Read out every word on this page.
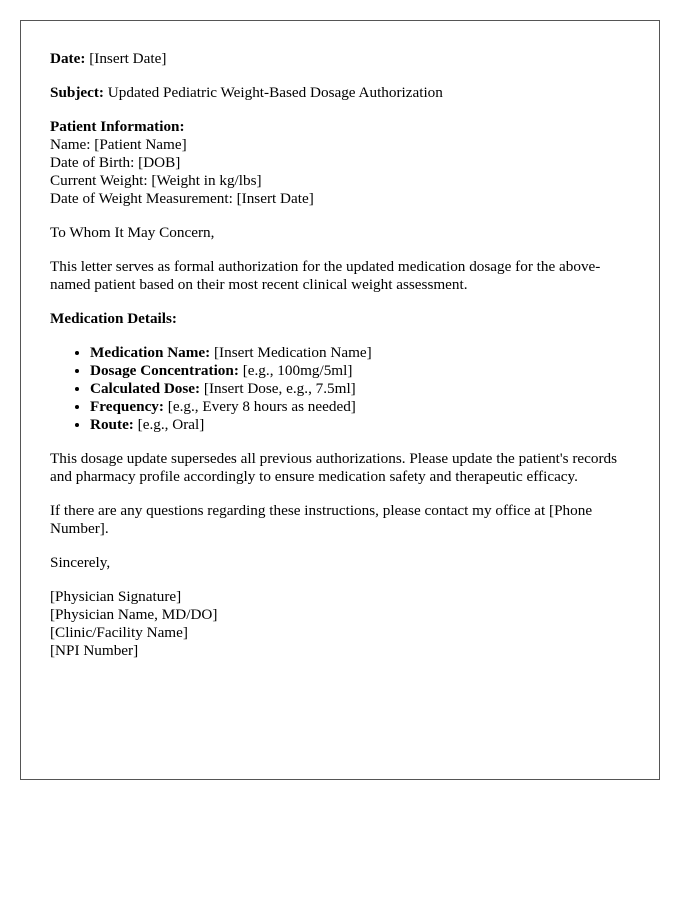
Date: [Insert Date]

Subject: Updated Pediatric Weight-Based Dosage Authorization

Patient Information:
Name: [Patient Name]
Date of Birth: [DOB]
Current Weight: [Weight in kg/lbs]
Date of Weight Measurement: [Insert Date]

To Whom It May Concern,

This letter serves as formal authorization for the updated medication dosage for the above-named patient based on their most recent clinical weight assessment.

Medication Details:

• Medication Name: [Insert Medication Name]
• Dosage Concentration: [e.g., 100mg/5ml]
• Calculated Dose: [Insert Dose, e.g., 7.5ml]
• Frequency: [e.g., Every 8 hours as needed]
• Route: [e.g., Oral]

This dosage update supersedes all previous authorizations. Please update the patient's records and pharmacy profile accordingly to ensure medication safety and therapeutic efficacy.

If there are any questions regarding these instructions, please contact my office at [Phone Number].

Sincerely,

[Physician Signature]
[Physician Name, MD/DO]
[Clinic/Facility Name]
[NPI Number]
